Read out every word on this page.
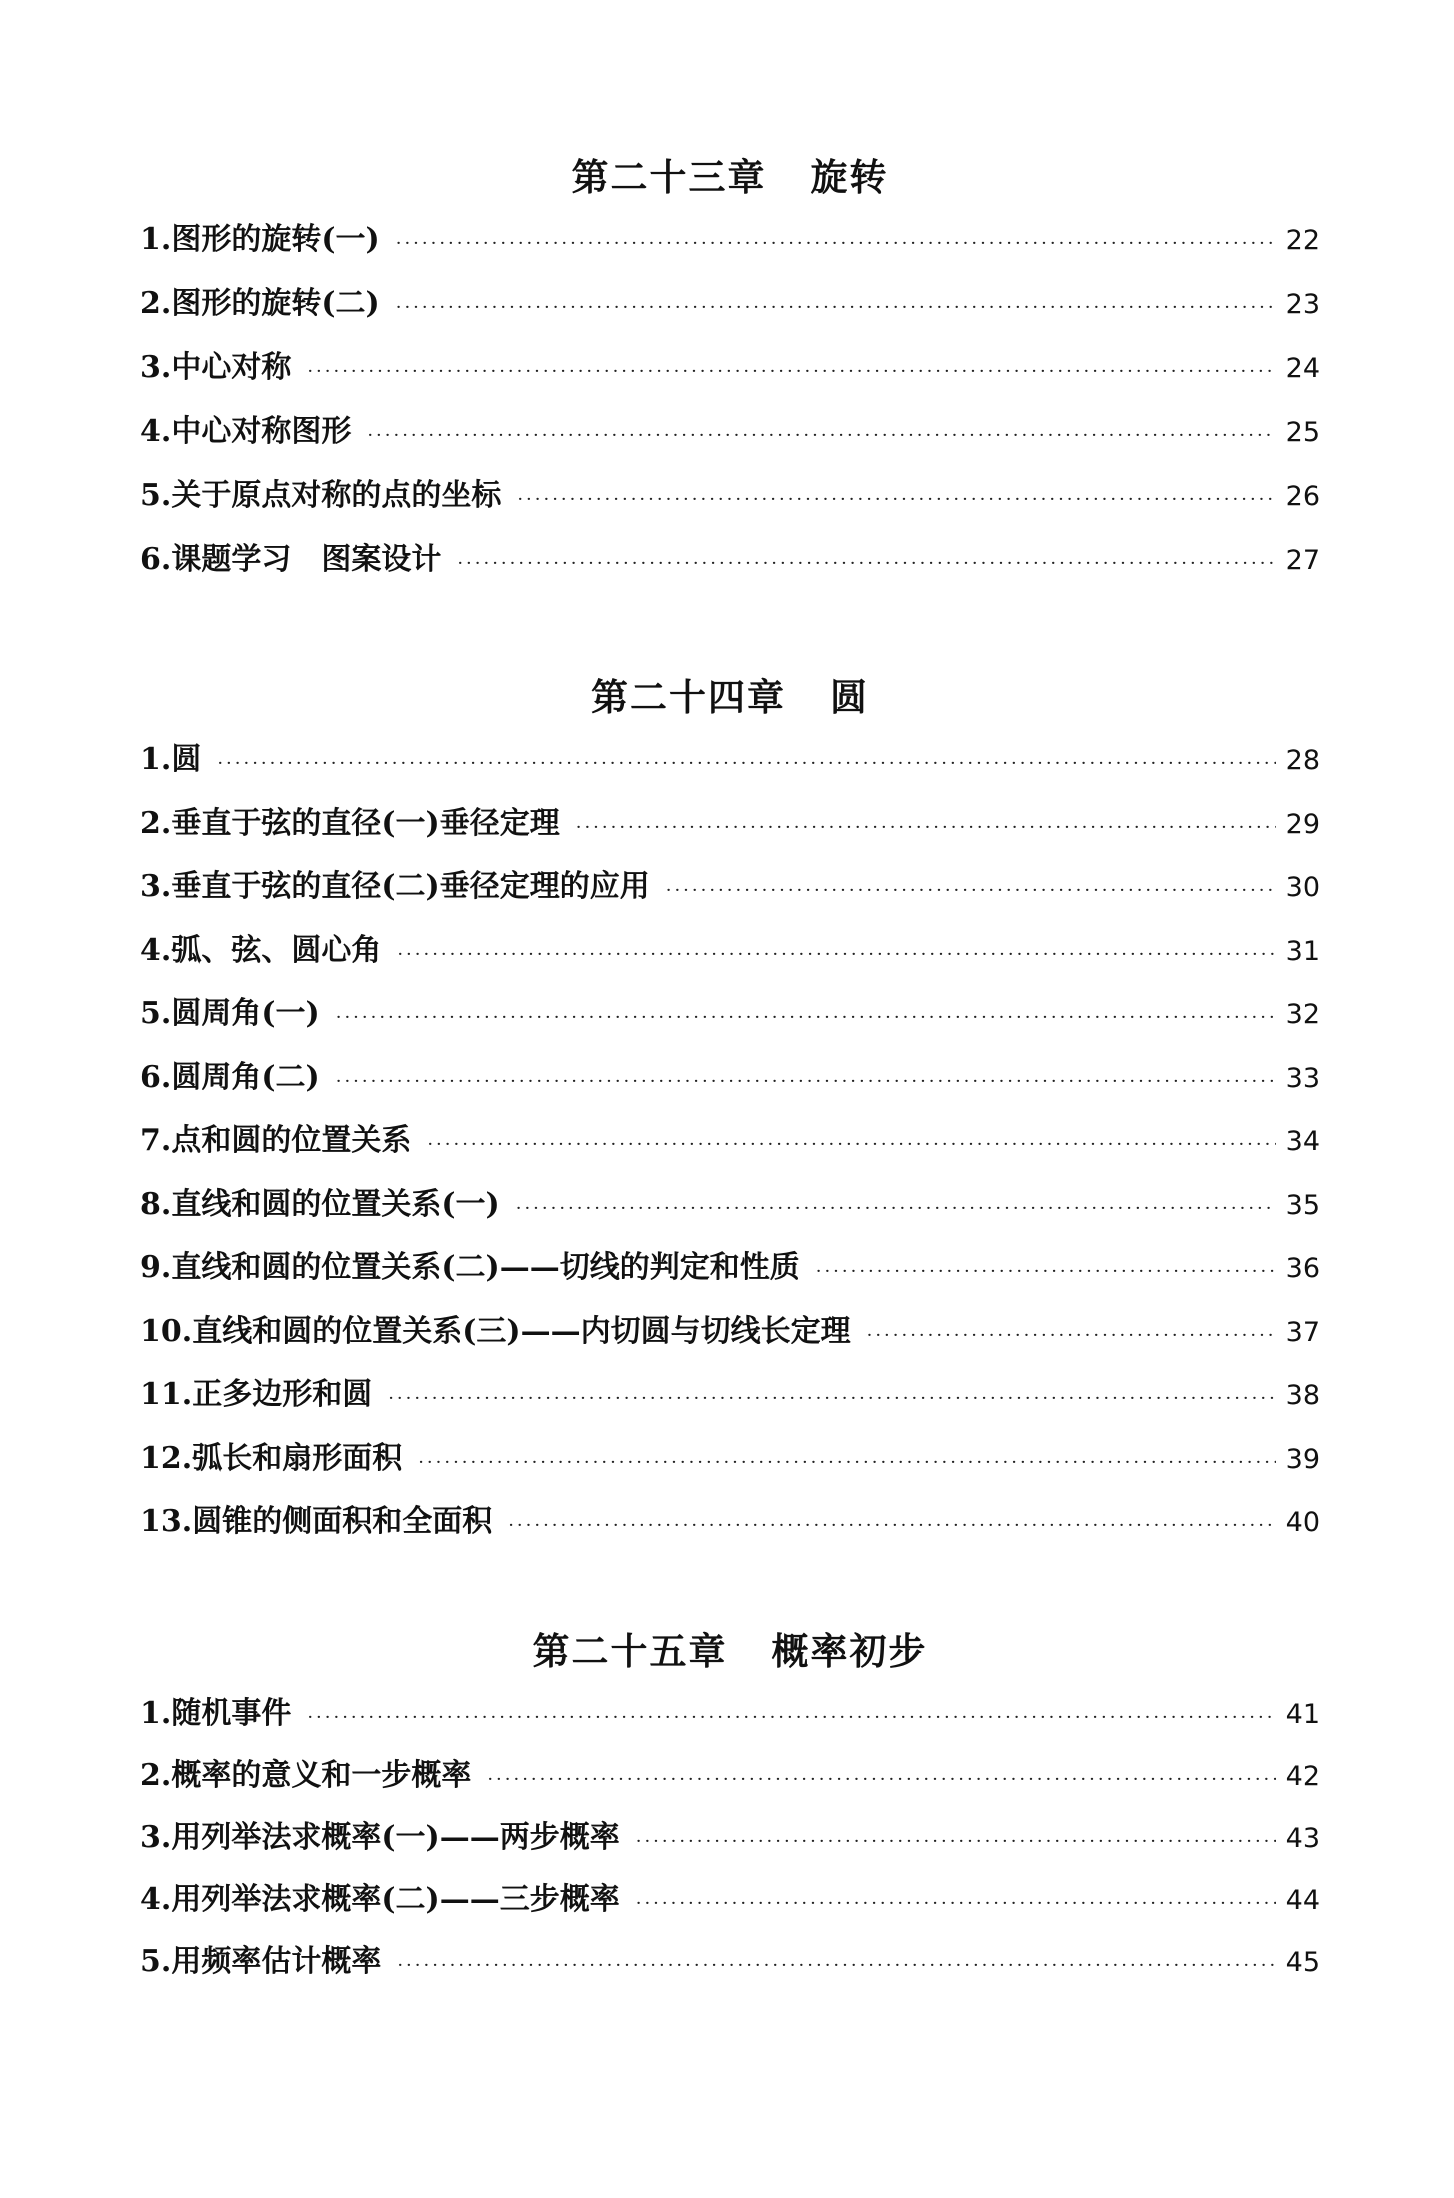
第二十三章 旋转
1.图形的旋转(一) ·····	22
2.图形的旋转(二) ·····	23
3.中心对称 ·····	24
4.中心对称图形 ·····	25
5.关于原点对称的点的坐标 ·····	26
6.课题学习　图案设计 ·····	27
第二十四章 圆
1.圆 ·····	28
2.垂直于弦的直径(一)垂径定理 ·····	29
3.垂直于弦的直径(二)垂径定理的应用 ·····	30
4.弧、弦、圆心角 ·····	31
5.圆周角(一) ·····	32
6.圆周角(二) ·····	33
7.点和圆的位置关系 ·····	34
8.直线和圆的位置关系(一) ·····	35
9.直线和圆的位置关系(二)——切线的判定和性质 ·····	36
10.直线和圆的位置关系(三)——内切圆与切线长定理 ·····	37
11.正多边形和圆 ·····	38
12.弧长和扇形面积 ·····	39
13.圆锥的侧面积和全面积 ·····	40
第二十五章 概率初步
1.随机事件 ·····	41
2.概率的意义和一步概率 ·····	42
3.用列举法求概率(一)——两步概率 ·····	43
4.用列举法求概率(二)——三步概率 ·····	44
5.用频率估计概率 ·····	45
